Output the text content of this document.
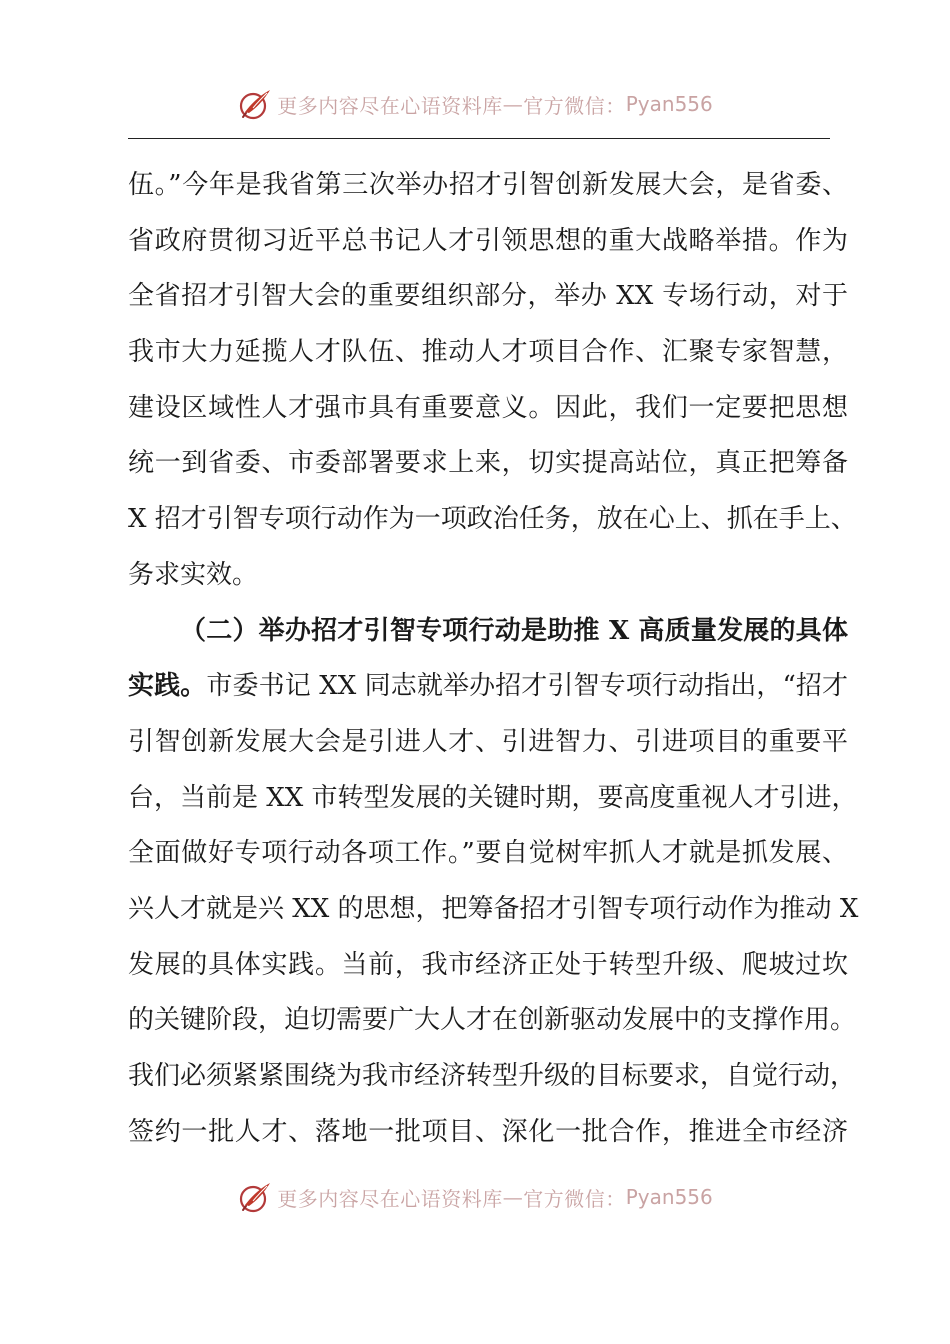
更多内容尽在心语资料库 — 官方微信： Pyan556
伍。”今年是我省第三次举办招才引智创新发展大会，是省委、
省政府贯彻习近平总书记人才引领思想的重大战略举措。作为
全省招才引智大会的重要组织部分，举办 XX 专场行动，对于
我市大力延揽人才队伍、推动人才项目合作、汇聚专家智慧，
建设区域性人才强市具有重要意义。因此，我们一定要把思想
统一到省委、市委部署要求上来，切实提高站位，真正把筹备
X 招才引智专项行动作为一项政治任务，放在心上、抓在手上、
务求实效。
（二）举办招才引智专项行动是助推 X 高质量发展的具体
实践。市委书记 XX 同志就举办招才引智专项行动指出，“招才
引智创新发展大会是引进人才、引进智力、引进项目的重要平
台，当前是 XX 市转型发展的关键时期，要高度重视人才引进，
全面做好专项行动各项工作。”要自觉树牢抓人才就是抓发展、
兴人才就是兴 XX 的思想，把筹备招才引智专项行动作为推动 X
发展的具体实践。当前，我市经济正处于转型升级、爬坡过坎
的关键阶段，迫切需要广大人才在创新驱动发展中的支撑作用。
我们必须紧紧围绕为我市经济转型升级的目标要求，自觉行动，
签约一批人才、落地一批项目、深化一批合作，推进全市经济
更多内容尽在心语资料库 — 官方微信： Pyan556
